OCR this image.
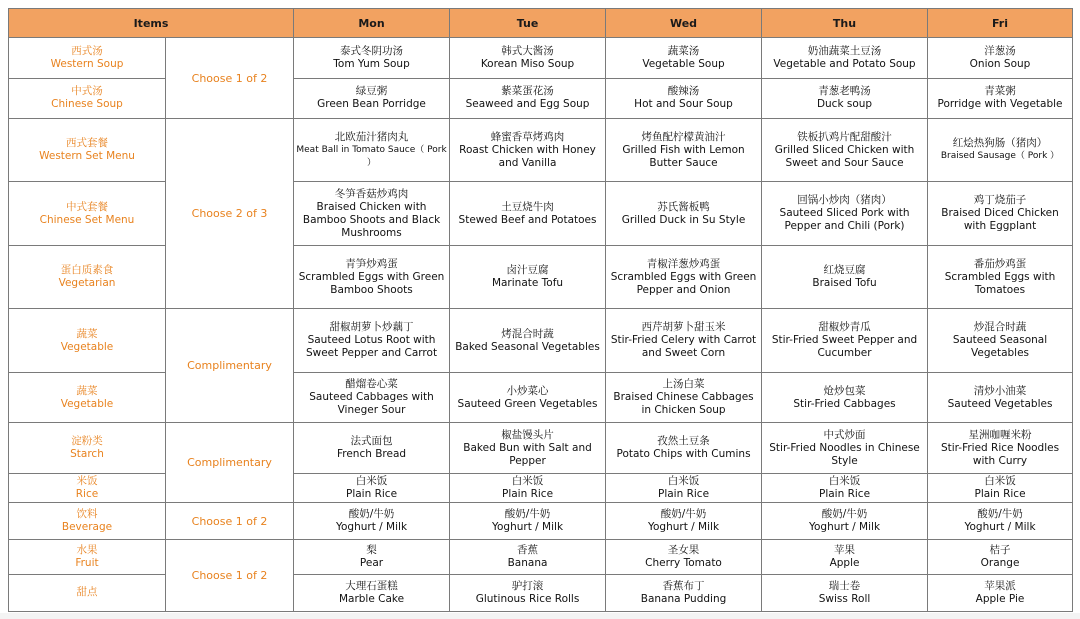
Items		Mon	Tue	Wed	Thu	Fri

西式汤
Western Soup	Choose 1 of 2	泰式冬阴功汤
Tom Yum Soup	韩式大酱汤
Korean Miso Soup	蔬菜汤
Vegetable Soup	奶油蔬菜土豆汤
Vegetable and Potato Soup	洋葱汤
Onion Soup

中式汤
Chinese Soup		绿豆粥
Green Bean Porridge	紫菜蛋花汤
Seaweed and Egg Soup	酸辣汤
Hot and Sour Soup	青葱老鸭汤
Duck soup	青菜粥
Porridge with Vegetable

西式套餐
Western Set Menu	Choose 2 of 3	北欧茄汁猪肉丸
Meat Ball in Tomato Sauce（ Pork ）	蜂蜜香草烤鸡肉
Roast Chicken with Honey and Vanilla	烤鱼配柠檬黄油汁
Grilled Fish with Lemon Butter Sauce	铁板扒鸡片配甜酸汁
Grilled Sliced Chicken with Sweet and Sour Sauce	红烩热狗肠（猪肉）
Braised Sausage（ Pork ）

中式套餐
Chinese Set Menu		冬笋香菇炒鸡肉
Braised Chicken with Bamboo Shoots and Black Mushrooms	土豆烧牛肉
Stewed Beef and Potatoes	苏氏酱板鸭
Grilled Duck in Su Style	回锅小炒肉（猪肉）
Sauteed Sliced Pork with Pepper and Chili (Pork)	鸡丁烧茄子
Braised Diced Chicken with Eggplant

蛋白质素食
Vegetarian		青笋炒鸡蛋
Scrambled Eggs with Green Bamboo Shoots	卤汁豆腐
Marinate Tofu	青椒洋葱炒鸡蛋
Scrambled Eggs with Green Pepper and Onion	红烧豆腐
Braised Tofu	番茄炒鸡蛋
Scrambled Eggs with Tomatoes

蔬菜
Vegetable	Complimentary	甜椒胡萝卜炒藕丁
Sauteed Lotus Root with Sweet Pepper and Carrot	烤混合时蔬
Baked Seasonal Vegetables	西芹胡萝卜甜玉米
Stir-Fried Celery with Carrot and Sweet Corn	甜椒炒青瓜
Stir-Fried Sweet Pepper and Cucumber	炒混合时蔬
Sauteed Seasonal Vegetables

蔬菜
Vegetable		醋熘卷心菜
Sauteed Cabbages with Vineger Sour	小炒菜心
Sauteed Green Vegetables	上汤白菜
Braised Chinese Cabbages in Chicken Soup	炝炒包菜
Stir-Fried Cabbages	清炒小油菜
Sauteed Vegetables

淀粉类
Starch	Complimentary	法式面包
French Bread	椒盐馒头片
Baked Bun with Salt and Pepper	孜然土豆条
Potato Chips with Cumins	中式炒面
Stir-Fried Noodles in Chinese Style	星洲咖喱米粉
Stir-Fried Rice Noodles with Curry

米饭
Rice		白米饭
Plain Rice	白米饭
Plain Rice	白米饭
Plain Rice	白米饭
Plain Rice	白米饭
Plain Rice

饮料
Beverage	Choose 1 of 2	酸奶/牛奶
Yoghurt / Milk	酸奶/牛奶
Yoghurt / Milk	酸奶/牛奶
Yoghurt / Milk	酸奶/牛奶
Yoghurt / Milk	酸奶/牛奶
Yoghurt / Milk

水果
Fruit	Choose 1 of 2	梨
Pear	香蕉
Banana	圣女果
Cherry Tomato	苹果
Apple	桔子
Orange

甜点		大理石蛋糕
Marble Cake	驴打滚
Glutinous Rice Rolls	香蕉布丁
Banana Pudding	瑞士卷
Swiss Roll	苹果派
Apple Pie
